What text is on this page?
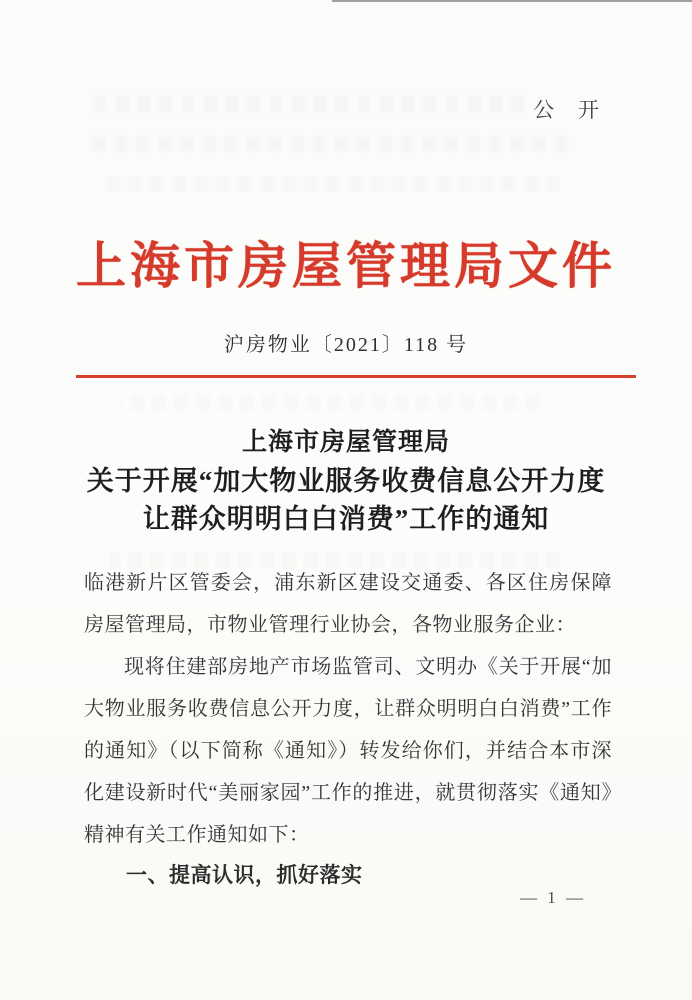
公 开
上海市房屋管理局文件
沪房物业〔2021〕118 号
上海市房屋管理局
关于开展“加大物业服务收费信息公开力度
让群众明明白白消费”工作的通知

临港新片区管委会，浦东新区建设交通委、各区住房保障房屋管理局，市物业管理行业协会，各物业服务企业：

现将住建部房地产市场监管司、文明办《关于开展“加大物业服务收费信息公开力度，让群众明明白白消费”工作的通知》（以下简称《通知》）转发给你们，并结合本市深化建设新时代“美丽家园”工作的推进，就贯彻落实《通知》精神有关工作通知如下：

一、提高认识，抓好落实

— 1 —
